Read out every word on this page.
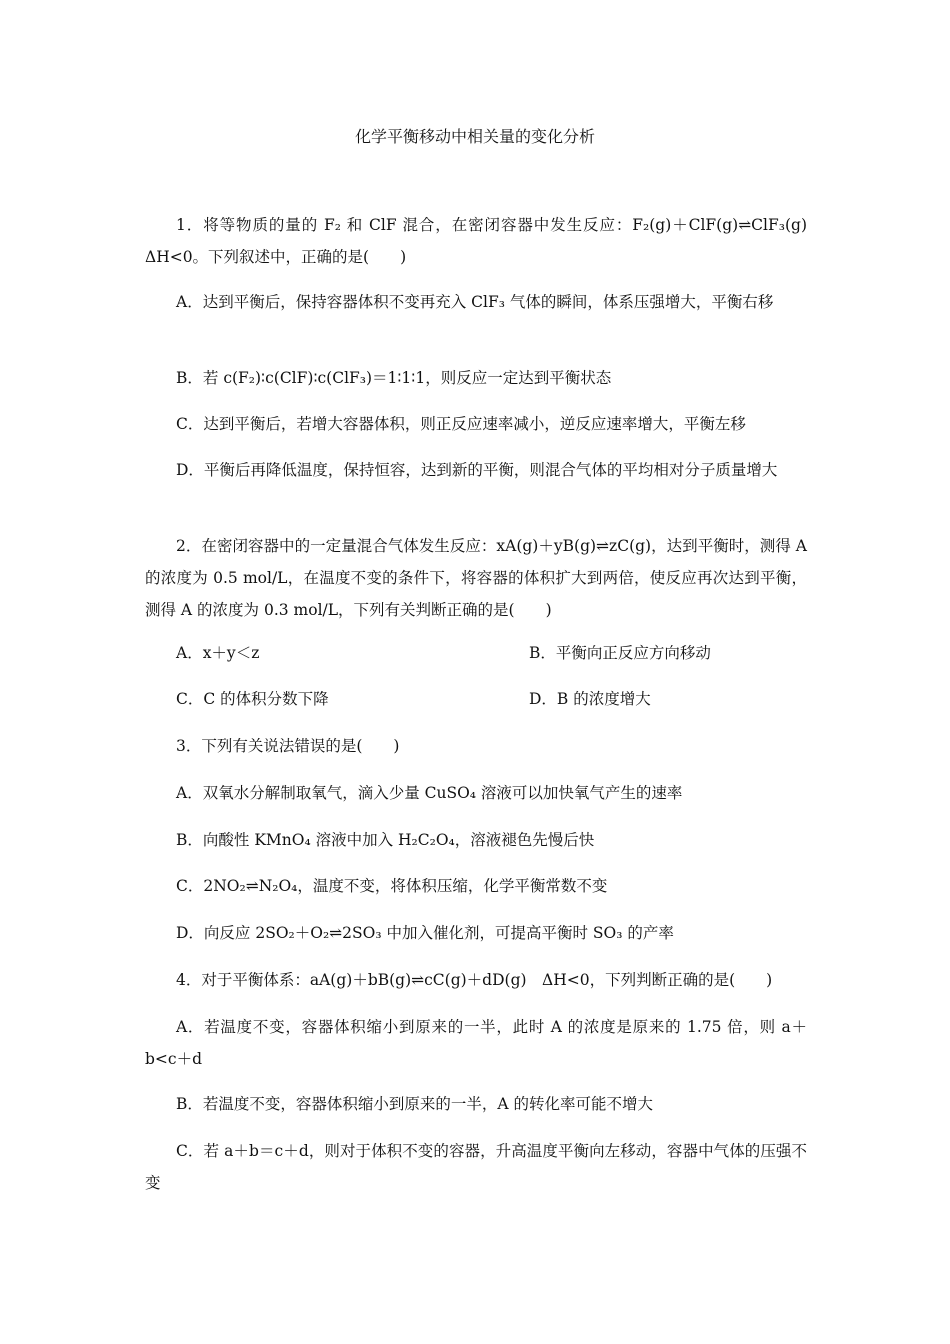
化学平衡移动中相关量的变化分析
1．将等物质的量的 F₂ 和 ClF 混合，在密闭容器中发生反应：F₂(g)＋ClF(g)⇌ClF₃(g) ΔH<0。下列叙述中，正确的是(　　)
A．达到平衡后，保持容器体积不变再充入 ClF₃ 气体的瞬间，体系压强增大，平衡右移
B．若 c(F₂)∶c(ClF)∶c(ClF₃)＝1∶1∶1，则反应一定达到平衡状态
C．达到平衡后，若增大容器体积，则正反应速率减小，逆反应速率增大，平衡左移
D．平衡后再降低温度，保持恒容，达到新的平衡，则混合气体的平均相对分子质量增大
2．在密闭容器中的一定量混合气体发生反应：xA(g)＋yB(g)⇌zC(g)，达到平衡时，测得 A 的浓度为 0.5 mol/L，在温度不变的条件下，将容器的体积扩大到两倍，使反应再次达到平衡，测得 A 的浓度为 0.3 mol/L，下列有关判断正确的是(　　)
A．x＋y＜z	B．平衡向正反应方向移动
C．C 的体积分数下降	D．B 的浓度增大
3．下列有关说法错误的是(　　)
A．双氧水分解制取氧气，滴入少量 CuSO₄ 溶液可以加快氧气产生的速率
B．向酸性 KMnO₄ 溶液中加入 H₂C₂O₄，溶液褪色先慢后快
C．2NO₂⇌N₂O₄，温度不变，将体积压缩，化学平衡常数不变
D．向反应 2SO₂＋O₂⇌2SO₃ 中加入催化剂，可提高平衡时 SO₃ 的产率
4．对于平衡体系：aA(g)＋bB(g)⇌cC(g)＋dD(g)　ΔH<0，下列判断正确的是(　　)
A．若温度不变，容器体积缩小到原来的一半，此时 A 的浓度是原来的 1.75 倍，则 a＋b<c＋d
B．若温度不变，容器体积缩小到原来的一半，A 的转化率可能不增大
C．若 a＋b＝c＋d，则对于体积不变的容器，升高温度平衡向左移动，容器中气体的压强不变
